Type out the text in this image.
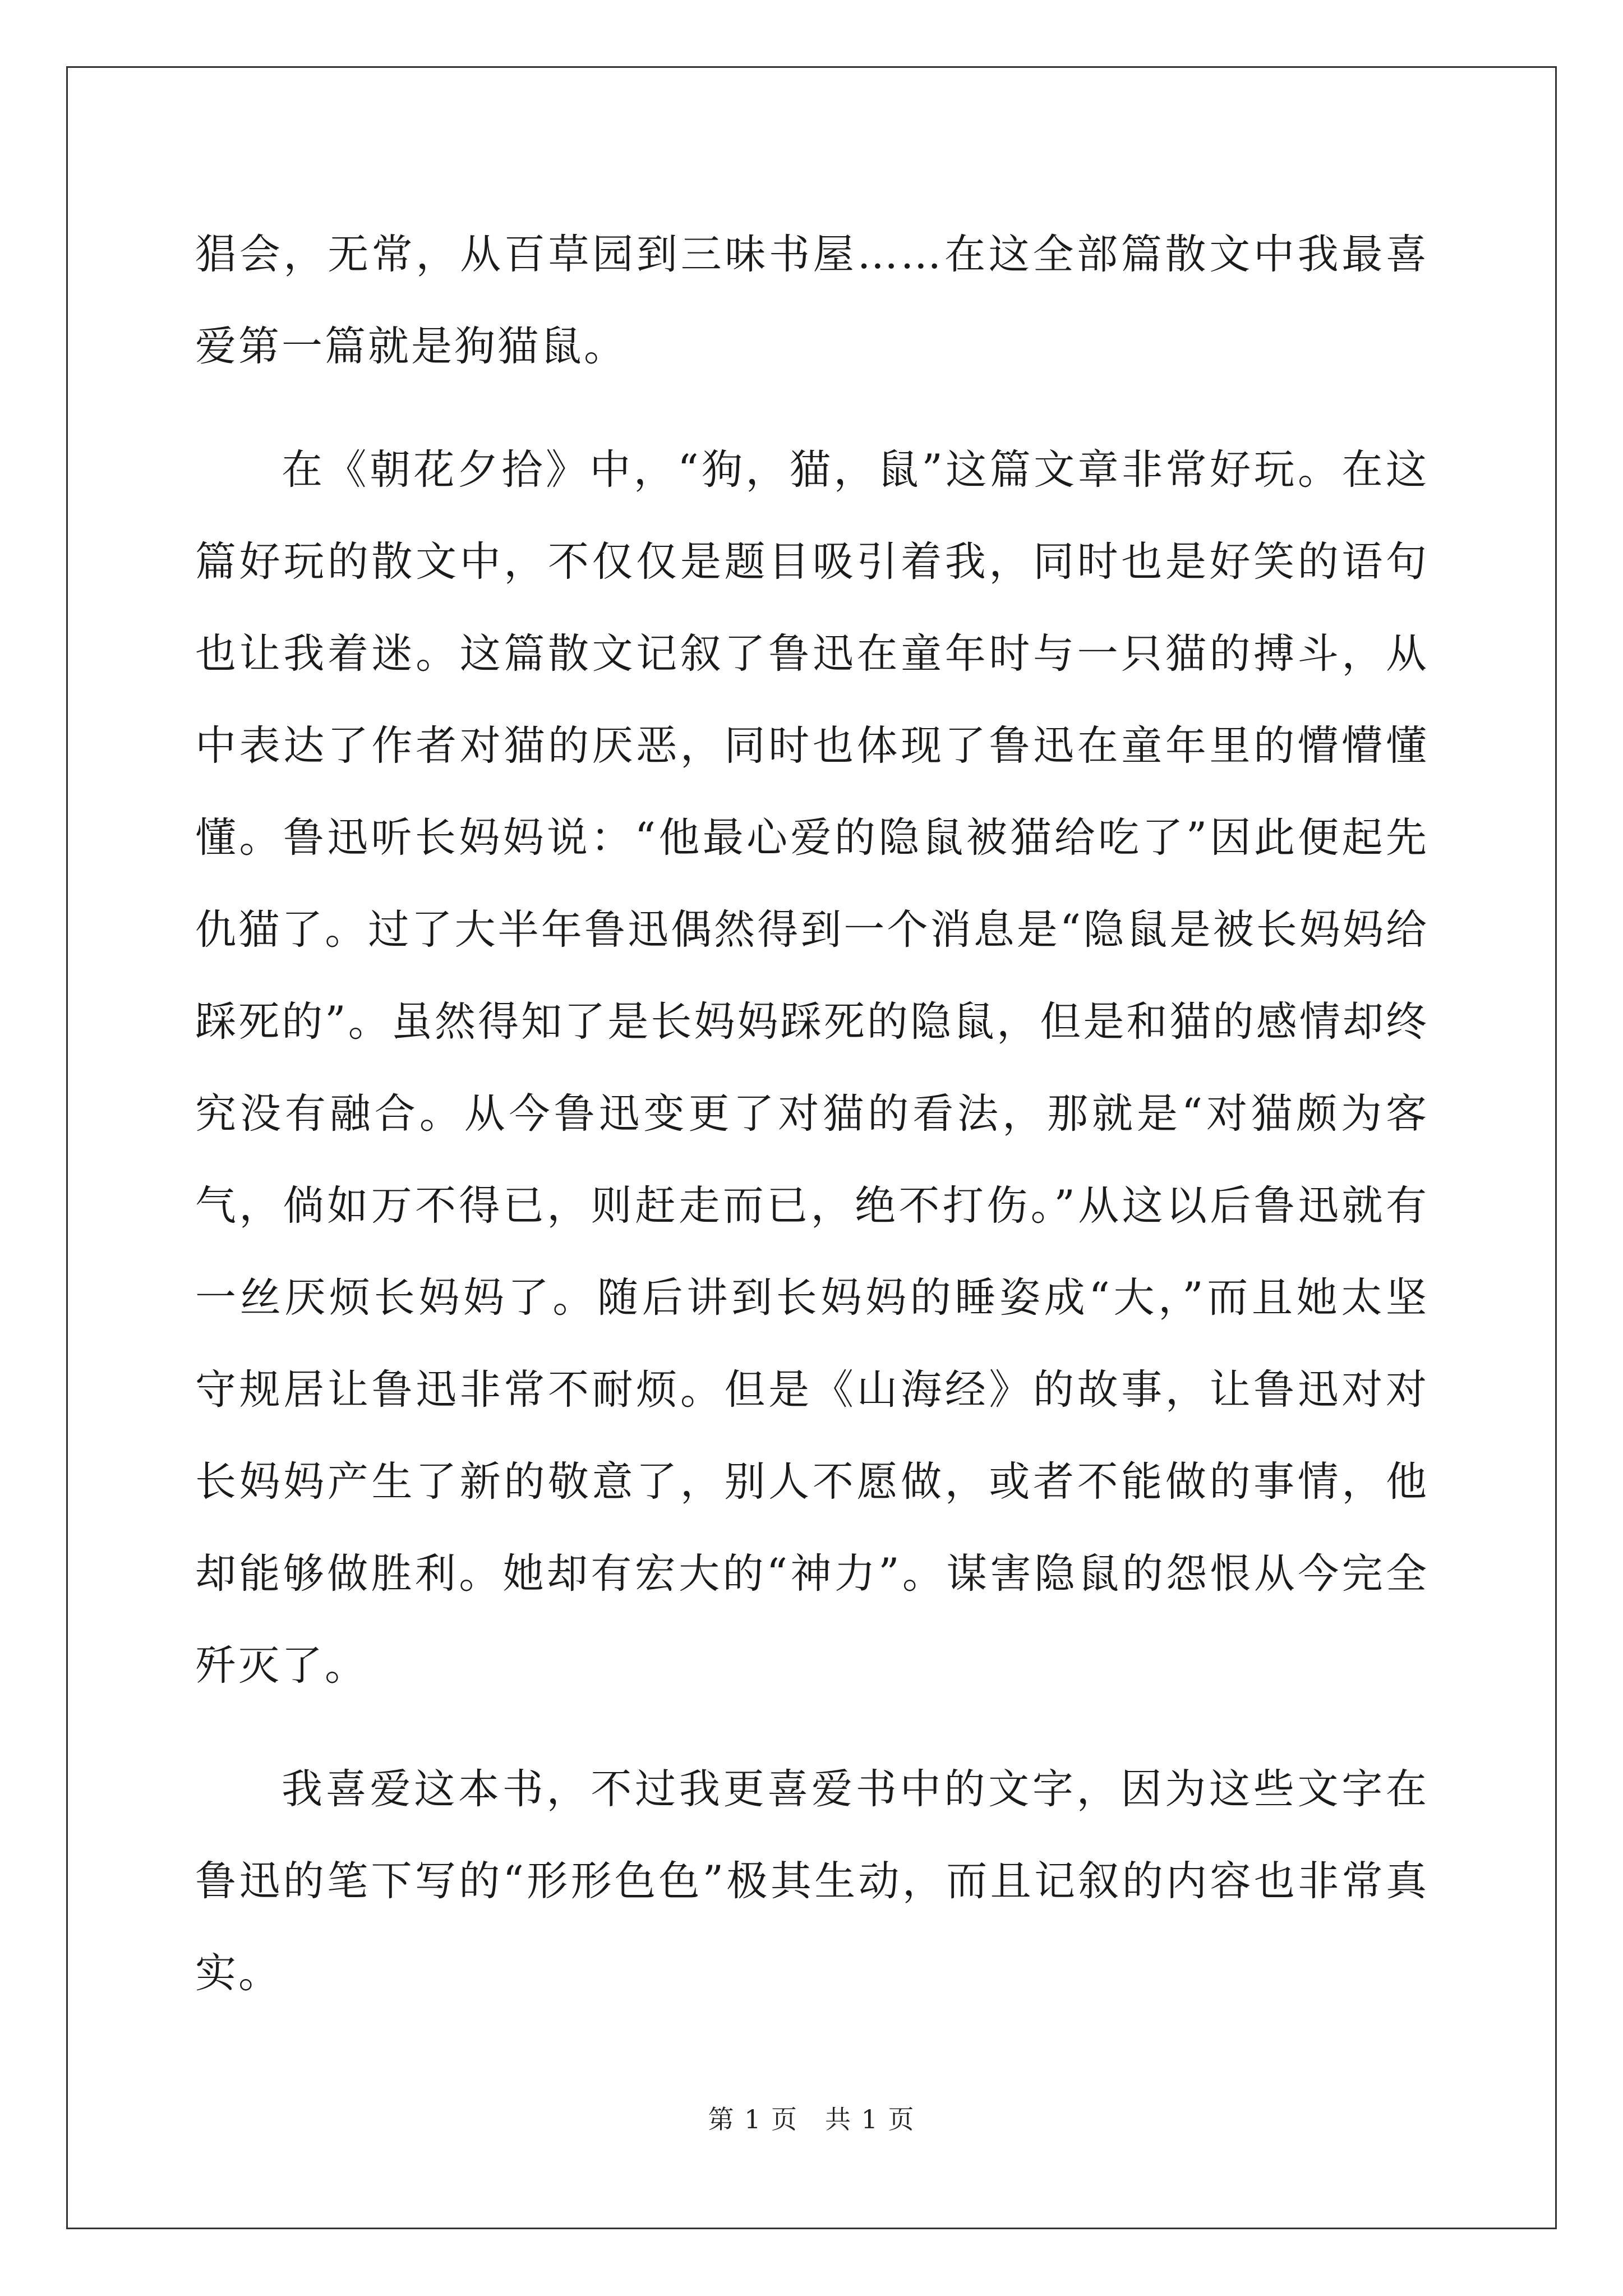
猖会，无常，从百草园到三味书屋……在这全部篇散文中我最喜爱第一篇就是狗猫鼠。

在《朝花夕拾》中，“狗，猫，鼠”这篇文章非常好玩。在这篇好玩的散文中，不仅仅是题目吸引着我，同时也是好笑的语句也让我着迷。这篇散文记叙了鲁迅在童年时与一只猫的搏斗，从中表达了作者对猫的厌恶，同时也体现了鲁迅在童年里的懵懵懂懂。鲁迅听长妈妈说：“他最心爱的隐鼠被猫给吃了”因此便起先仇猫了。过了大半年鲁迅偶然得到一个消息是“隐鼠是被长妈妈给踩死的”。虽然得知了是长妈妈踩死的隐鼠，但是和猫的感情却终究没有融合。从今鲁迅变更了对猫的看法，那就是“对猫颇为客气，倘如万不得已，则赶走而已，绝不打伤。”从这以后鲁迅就有一丝厌烦长妈妈了。随后讲到长妈妈的睡姿成“大，”而且她太坚守规居让鲁迅非常不耐烦。但是《山海经》的故事，让鲁迅对对长妈妈产生了新的敬意了，别人不愿做，或者不能做的事情，他却能够做胜利。她却有宏大的“神力”。谋害隐鼠的怨恨从今完全歼灭了。

我喜爱这本书，不过我更喜爱书中的文字，因为这些文字在鲁迅的笔下写的“形形色色”极其生动，而且记叙的内容也非常真实。

第 1 页　共 1 页
